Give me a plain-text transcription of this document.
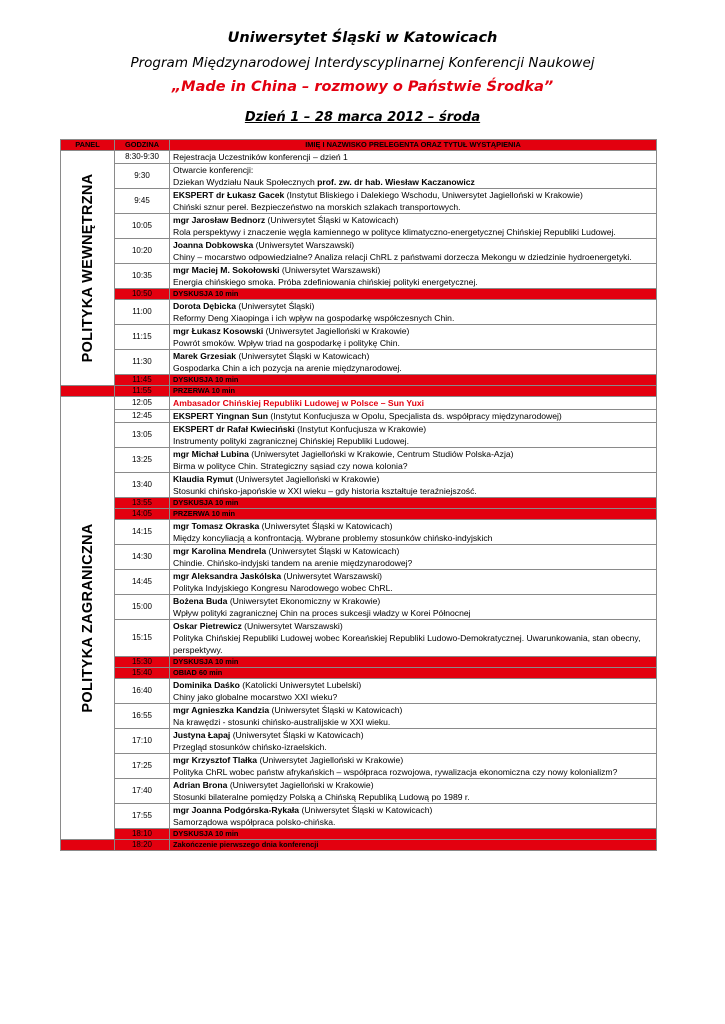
Uniwersytet Śląski w Katowicach
Program Międzynarodowej Interdyscyplinarnej Konferencji Naukowej
„Made in China – rozmowy o Państwie Środka”
Dzień 1 – 28 marca 2012 – środa
PANEL	GODZINA	IMIĘ I NAZWISKO PRELEGENTA ORAZ TYTUŁ WYSTĄPIENIA

POLITYKA WEWNĘTRZNA	8:30-9:30	Rejestracja Uczestników konferencji – dzień 1
	9:30	Otwarcie konferencji:
Dziekan Wydziału Nauk Społecznych prof. zw. dr hab. Wiesław Kaczanowicz
	9:45	EKSPERT dr Łukasz Gacek (Instytut Bliskiego i Dalekiego Wschodu, Uniwersytet Jagielloński w Krakowie)
Chiński sznur pereł. Bezpieczeństwo na morskich szlakach transportowych.
	10:05	mgr Jarosław Bednorz (Uniwersytet Śląski w Katowicach)
Rola perspektywy i znaczenie węgla kamiennego w polityce klimatyczno-energetycznej Chińskiej Republiki Ludowej.
	10:20	Joanna Dobkowska (Uniwersytet Warszawski)
Chiny – mocarstwo odpowiedzialne? Analiza relacji ChRL z państwami dorzecza Mekongu w dziedzinie hydroenergetyki.
	10:35	mgr Maciej M. Sokołowski (Uniwersytet Warszawski)
Energia chińskiego smoka. Próba zdefiniowania chińskiej polityki energetycznej.
	10:50	DYSKUSJA 10 min
	11:00	Dorota Dębicka (Uniwersytet Śląski)
Reformy Deng Xiaopinga i ich wpływ na gospodarkę współczesnych Chin.
	11:15	mgr Łukasz Kosowski (Uniwersytet Jagielloński w Krakowie)
Powrót smoków. Wpływ triad na gospodarkę i politykę Chin.
	11:30	Marek Grzesiak (Uniwersytet Śląski w Katowicach)
Gospodarka Chin a ich pozycja na arenie międzynarodowej.
	11:45	DYSKUSJA 10 min
	11:55	PRZERWA 10 min

POLITYKA ZAGRANICZNA	12:05	Ambasador Chińskiej Republiki Ludowej w Polsce – Sun Yuxi
	12:45	EKSPERT Yingnan Sun (Instytut Konfucjusza w Opolu, Specjalista ds. współpracy międzynarodowej)
	13:05	EKSPERT dr Rafał Kwieciński (Instytut Konfucjusza w Krakowie)
Instrumenty polityki zagranicznej Chińskiej Republiki Ludowej.
	13:25	mgr Michał Lubina (Uniwersytet Jagielloński w Krakowie, Centrum Studiów Polska-Azja)
Birma w polityce Chin. Strategiczny sąsiad czy nowa kolonia?
	13:40	Klaudia Rymut (Uniwersytet Jagielloński w Krakowie)
Stosunki chińsko-japońskie w XXI wieku – gdy historia kształtuje teraźniejszość.
	13:55	DYSKUSJA 10 min
	14:05	PRZERWA 10 min
	14:15	mgr Tomasz Okraska (Uniwersytet Śląski w Katowicach)
Między koncyliacją a konfrontacją. Wybrane problemy stosunków chińsko-indyjskich
	14:30	mgr Karolina Mendrela (Uniwersytet Śląski w Katowicach)
Chindie. Chińsko-indyjski tandem na arenie międzynarodowej?
	14:45	mgr Aleksandra Jaskólska (Uniwersytet Warszawski)
Polityka Indyjskiego Kongresu Narodowego wobec ChRL.
	15:00	Bożena Buda (Uniwersytet Ekonomiczny w Krakowie)
Wpływ polityki zagranicznej Chin na proces sukcesji władzy w Korei Północnej
	15:15	Oskar Pietrewicz (Uniwersytet Warszawski)
Polityka Chińskiej Republiki Ludowej wobec Koreańskiej Republiki Ludowo-Demokratycznej. Uwarunkowania, stan obecny, perspektywy.
	15:30	DYSKUSJA 10 min
	15:40	OBIAD 60 min
	16:40	Dominika Daśko (Katolicki Uniwersytet Lubelski)
Chiny jako globalne mocarstwo XXI wieku?
	16:55	mgr Agnieszka Kandzia (Uniwersytet Śląski w Katowicach)
Na krawędzi - stosunki chińsko-australijskie w XXI wieku.
	17:10	Justyna Łapaj (Uniwersytet Śląski w Katowicach)
Przegląd stosunków chińsko-izraelskich.
	17:25	mgr Krzysztof Tlałka (Uniwersytet Jagielloński w Krakowie)
Polityka ChRL wobec państw afrykańskich – współpraca rozwojowa, rywalizacja ekonomiczna czy nowy kolonializm?
	17:40	Adrian Brona (Uniwersytet Jagielloński w Krakowie)
Stosunki bilateralne pomiędzy Polską a Chińską Republiką Ludową po 1989 r.
	17:55	mgr Joanna Podgórska-Rykała (Uniwersytet Śląski w Katowicach)
Samorządowa współpraca polsko-chińska.
	18:10	DYSKUSJA 10 min
	18:20	Zakończenie pierwszego dnia konferencji
